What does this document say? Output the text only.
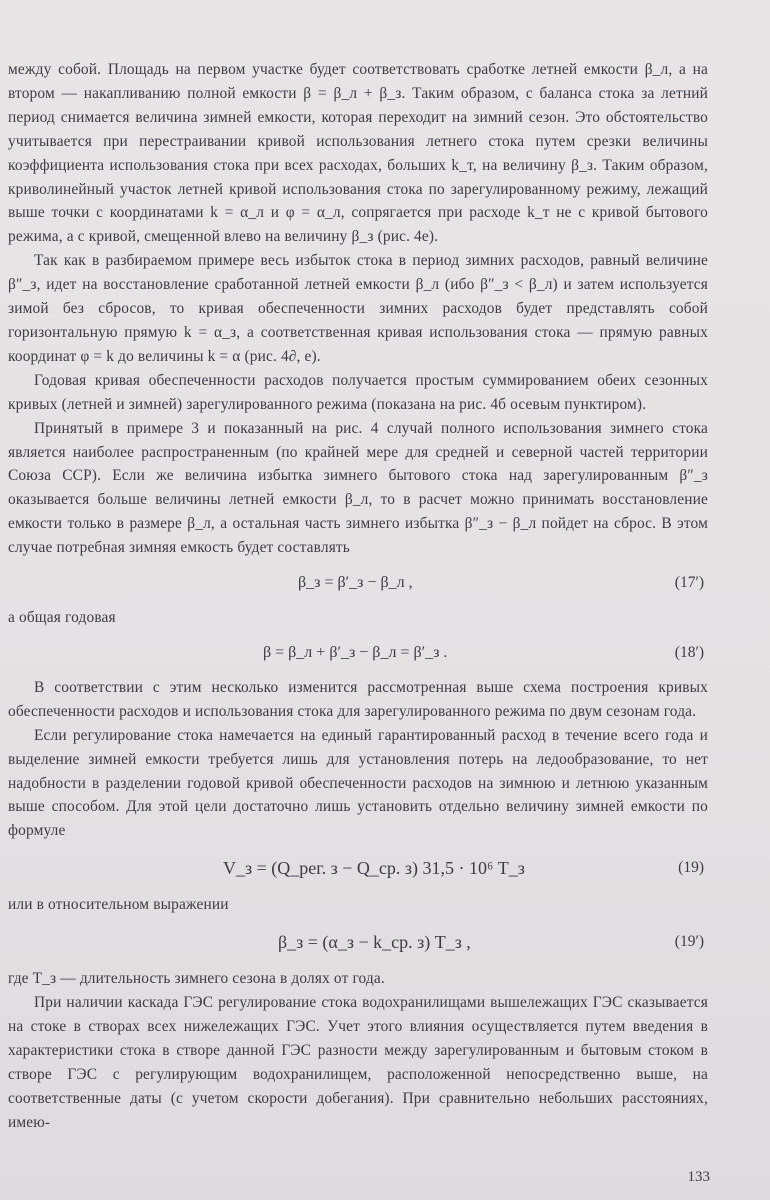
между собой. Площадь на первом участке будет соответствовать сработке летней емкости β_л, а на втором — накапливанию полной емкости β = β_л + β_з. Таким образом, с баланса стока за летний период снимается величина зимней емкости, которая переходит на зимний сезон. Это обстоятельство учитывается при перестраивании кривой использования летнего стока путем срезки величины коэффициента использования стока при всех расходах, больших k_т, на величину β_з. Таким образом, криволинейный участок летней кривой использования стока по зарегулированному режиму, лежащий выше точки с координатами k = α_л и φ = α_л, сопрягается при расходе k_т не с кривой бытового режима, а с кривой, смещенной влево на величину β_з (рис. 4е).

Так как в разбираемом примере весь избыток стока в период зимних расходов, равный величине β″_з, идет на восстановление сработанной летней емкости β_л (ибо β″_з < β_л) и затем используется зимой без сбросов, то кривая обеспеченности зимних расходов будет представлять собой горизонтальную прямую k = α_з, а соответственная кривая использования стока — прямую равных координат φ = k до величины k = α (рис. 4∂, е).

Годовая кривая обеспеченности расходов получается простым суммированием обеих сезонных кривых (летней и зимней) зарегулированного режима (показана на рис. 4б осевым пунктиром).

Принятый в примере 3 и показанный на рис. 4 случай полного использования зимнего стока является наиболее распространенным (по крайней мере для средней и северной частей территории Союза ССР). Если же величина избытка зимнего бытового стока над зарегулированным β″_з оказывается больше величины летней емкости β_л, то в расчет можно принимать восстановление емкости только в размере β_л, а остальная часть зимнего избытка β″_з − β_л пойдет на сброс. В этом случае потребная зимняя емкость будет составлять

β_з = β′_з − β_л ,	(17′)

а общая годовая

β = β_л + β′_з − β_л = β′_з .	(18′)

В соответствии с этим несколько изменится рассмотренная выше схема построения кривых обеспеченности расходов и использования стока для зарегулированного режима по двум сезонам года.

Если регулирование стока намечается на единый гарантированный расход в течение всего года и выделение зимней емкости требуется лишь для установления потерь на ледообразование, то нет надобности в разделении годовой кривой обеспеченности расходов на зимнюю и летнюю указанным выше способом. Для этой цели достаточно лишь установить отдельно величину зимней емкости по формуле

V_з = (Q_рег. з − Q_ср. з) 31,5 · 10⁶ T_з	(19)

или в относительном выражении

β_з = (α_з − k_ср. з) T_з ,	(19′)

где T_з — длительность зимнего сезона в долях от года.

При наличии каскада ГЭС регулирование стока водохранилищами вышележащих ГЭС сказывается на стоке в створах всех нижележащих ГЭС. Учет этого влияния осуществляется путем введения в характеристики стока в створе данной ГЭС разности между зарегулированным и бытовым стоком в створе ГЭС с регулирующим водохранилищем, расположенной непосредственно выше, на соответственные даты (с учетом скорости добегания). При сравнительно небольших расстояниях, имею-

133
